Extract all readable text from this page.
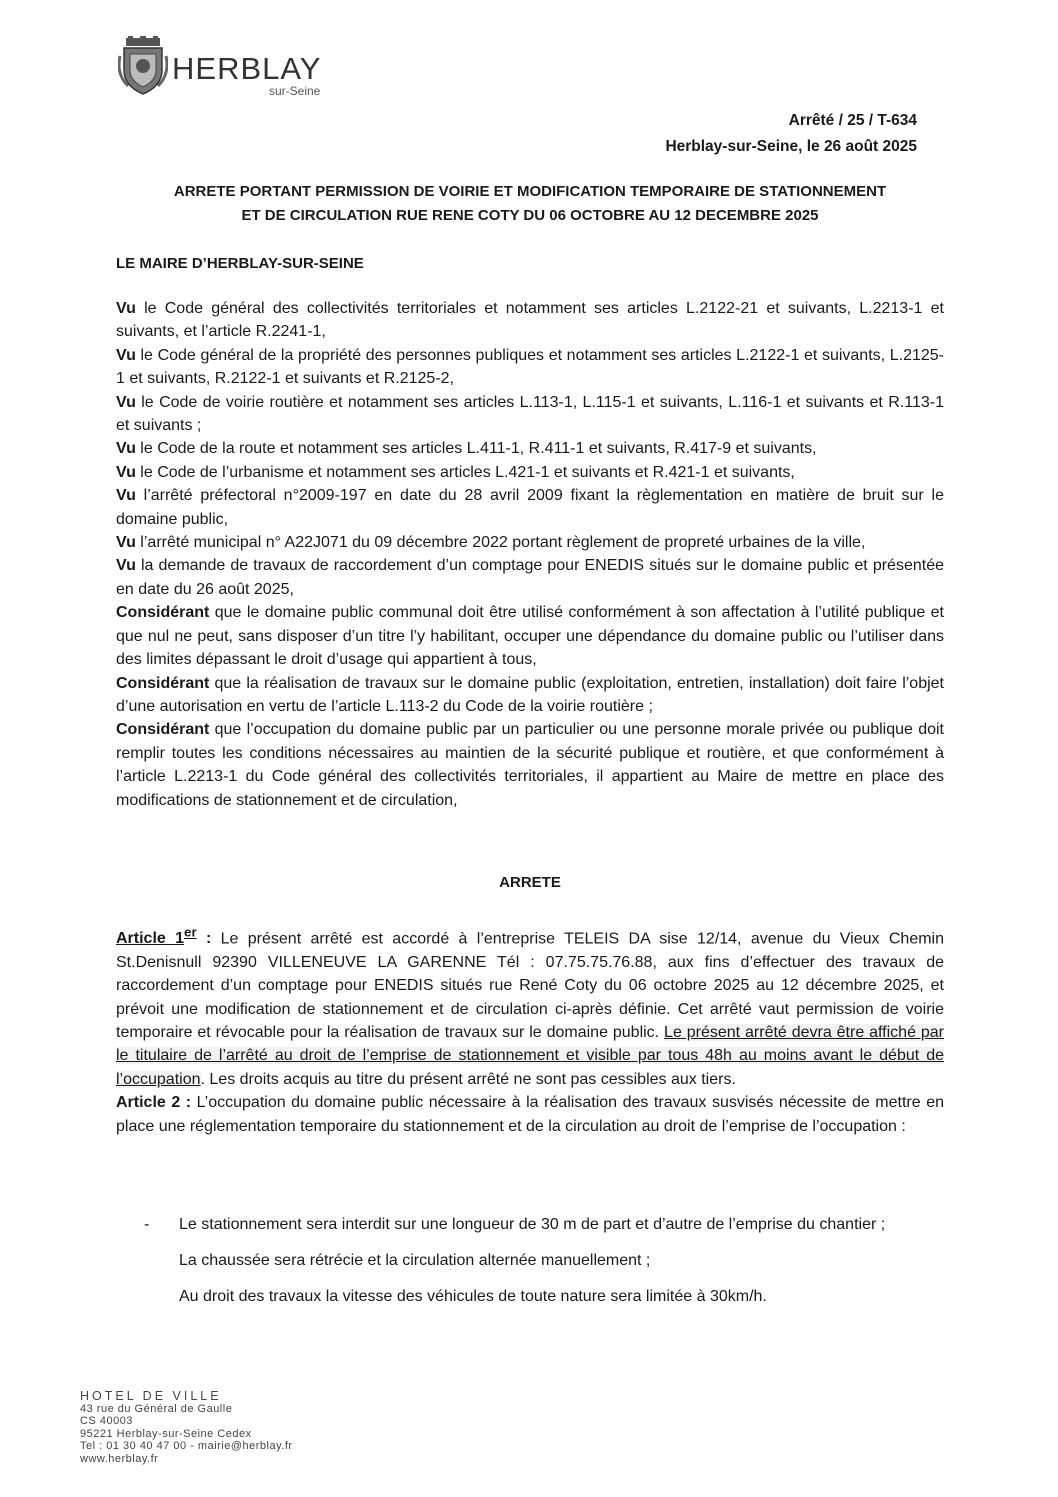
HERBLAY
sur-Seine
Arrêté / 25 / T-634
Herblay-sur-Seine, le 26 août 2025
ARRETE PORTANT PERMISSION DE VOIRIE ET MODIFICATION TEMPORAIRE DE STATIONNEMENT
ET DE CIRCULATION RUE RENE COTY DU 06 OCTOBRE AU 12 DECEMBRE 2025
LE MAIRE D’HERBLAY-SUR-SEINE

Vu le Code général des collectivités territoriales et notamment ses articles L.2122-21 et suivants, L.2213-1 et suivants, et l’article R.2241-1,

Vu le Code général de la propriété des personnes publiques et notamment ses articles L.2122-1 et suivants, L.2125-1 et suivants, R.2122-1 et suivants et R.2125-2,

Vu le Code de voirie routière et notamment ses articles L.113-1, L.115-1 et suivants, L.116-1 et suivants et R.113-1 et suivants ;

Vu le Code de la route et notamment ses articles L.411-1, R.411-1 et suivants, R.417-9 et suivants,

Vu le Code de l’urbanisme et notamment ses articles L.421-1 et suivants et R.421-1 et suivants,

Vu l’arrêté préfectoral n°2009-197 en date du 28 avril 2009 fixant la règlementation en matière de bruit sur le domaine public,

Vu l’arrêté municipal n° A22J071 du 09 décembre 2022 portant règlement de propreté urbaines de la ville,

Vu la demande de travaux de raccordement d’un comptage pour ENEDIS situés sur le domaine public et présentée en date du 26 août 2025,

Considérant que le domaine public communal doit être utilisé conformément à son affectation à l’utilité publique et que nul ne peut, sans disposer d’un titre l’y habilitant, occuper une dépendance du domaine public ou l’utiliser dans des limites dépassant le droit d’usage qui appartient à tous,

Considérant que la réalisation de travaux sur le domaine public (exploitation, entretien, installation) doit faire l’objet d’une autorisation en vertu de l’article L.113-2 du Code de la voirie routière ;

Considérant que l’occupation du domaine public par un particulier ou une personne morale privée ou publique doit remplir toutes les conditions nécessaires au maintien de la sécurité publique et routière, et que conformément à l’article L.2213-1 du Code général des collectivités territoriales, il appartient au Maire de mettre en place des modifications de stationnement et de circulation,

ARRETE

Article 1er : Le présent arrêté est accordé à l’entreprise TELEIS DA sise 12/14, avenue du Vieux Chemin St.Denisnull 92390 VILLENEUVE LA GARENNE Tél : 07.75.75.76.88, aux fins d’effectuer des travaux de raccordement d’un comptage pour ENEDIS situés rue René Coty du 06 octobre 2025 au 12 décembre 2025, et prévoit une modification de stationnement et de circulation ci-après définie. Cet arrêté vaut permission de voirie temporaire et révocable pour la réalisation de travaux sur le domaine public. Le présent arrêté devra être affiché par le titulaire de l’arrêté au droit de l’emprise de stationnement et visible par tous 48h au moins avant le début de l’occupation. Les droits acquis au titre du présent arrêté ne sont pas cessibles aux tiers.

Article 2 : L’occupation du domaine public nécessaire à la réalisation des travaux susvisés nécessite de mettre en place une réglementation temporaire du stationnement et de la circulation au droit de l’emprise de l’occupation :

- Le stationnement sera interdit sur une longueur de 30 m de part et d’autre de l’emprise du chantier ;
La chaussée sera rétrécie et la circulation alternée manuellement ;
Au droit des travaux la vitesse des véhicules de toute nature sera limitée à 30km/h.
HOTEL DE VILLE
43 rue du Général de Gaulle
CS 40003
95221 Herblay-sur-Seine Cedex
Tel : 01 30 40 47 00 - mairie@herblay.fr
www.herblay.fr
